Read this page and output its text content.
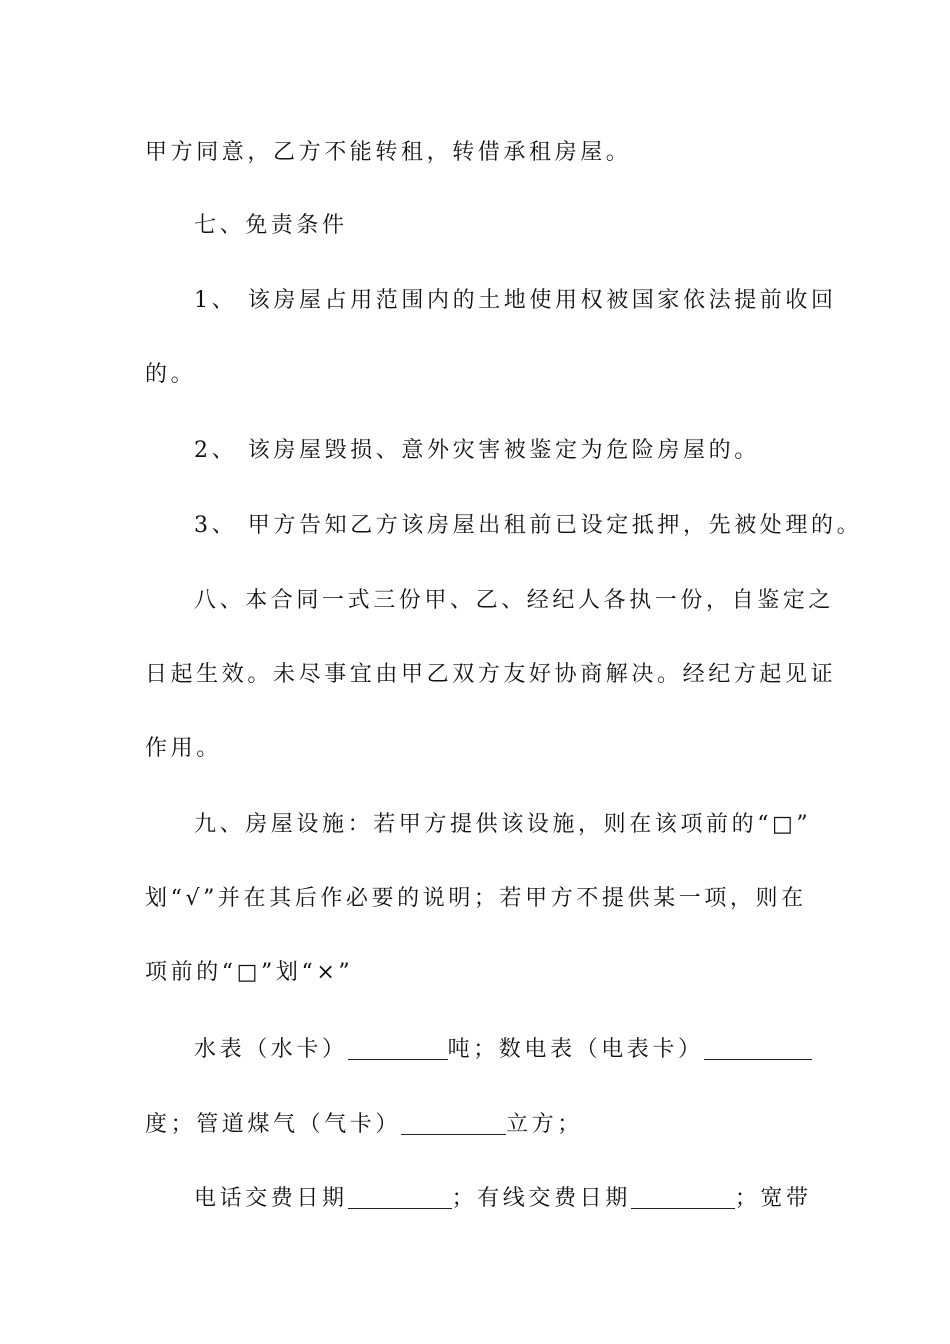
甲方同意，乙方不能转租，转借承租房屋。
七、免责条件
1、 该房屋占用范围内的土地使用权被国家依法提前收回
的。
2、 该房屋毁损、意外灾害被鉴定为危险房屋的。
3、 甲方告知乙方该房屋出租前已设定抵押，先被处理的。
八、本合同一式三份甲、乙、经纪人各执一份，自鉴定之
日起生效。未尽事宜由甲乙双方友好协商解决。经纪方起见证
作用。
九、房屋设施：若甲方提供该设施，则在该项前的“□”
划“√”并在其后作必要的说明；若甲方不提供某一项，则在
项前的“□”划“×”
水表（水卡）	吨；数电表（电表卡）
度；管道煤气（气卡）	立方；
电话交费日期	；有线交费日期	；宽带
